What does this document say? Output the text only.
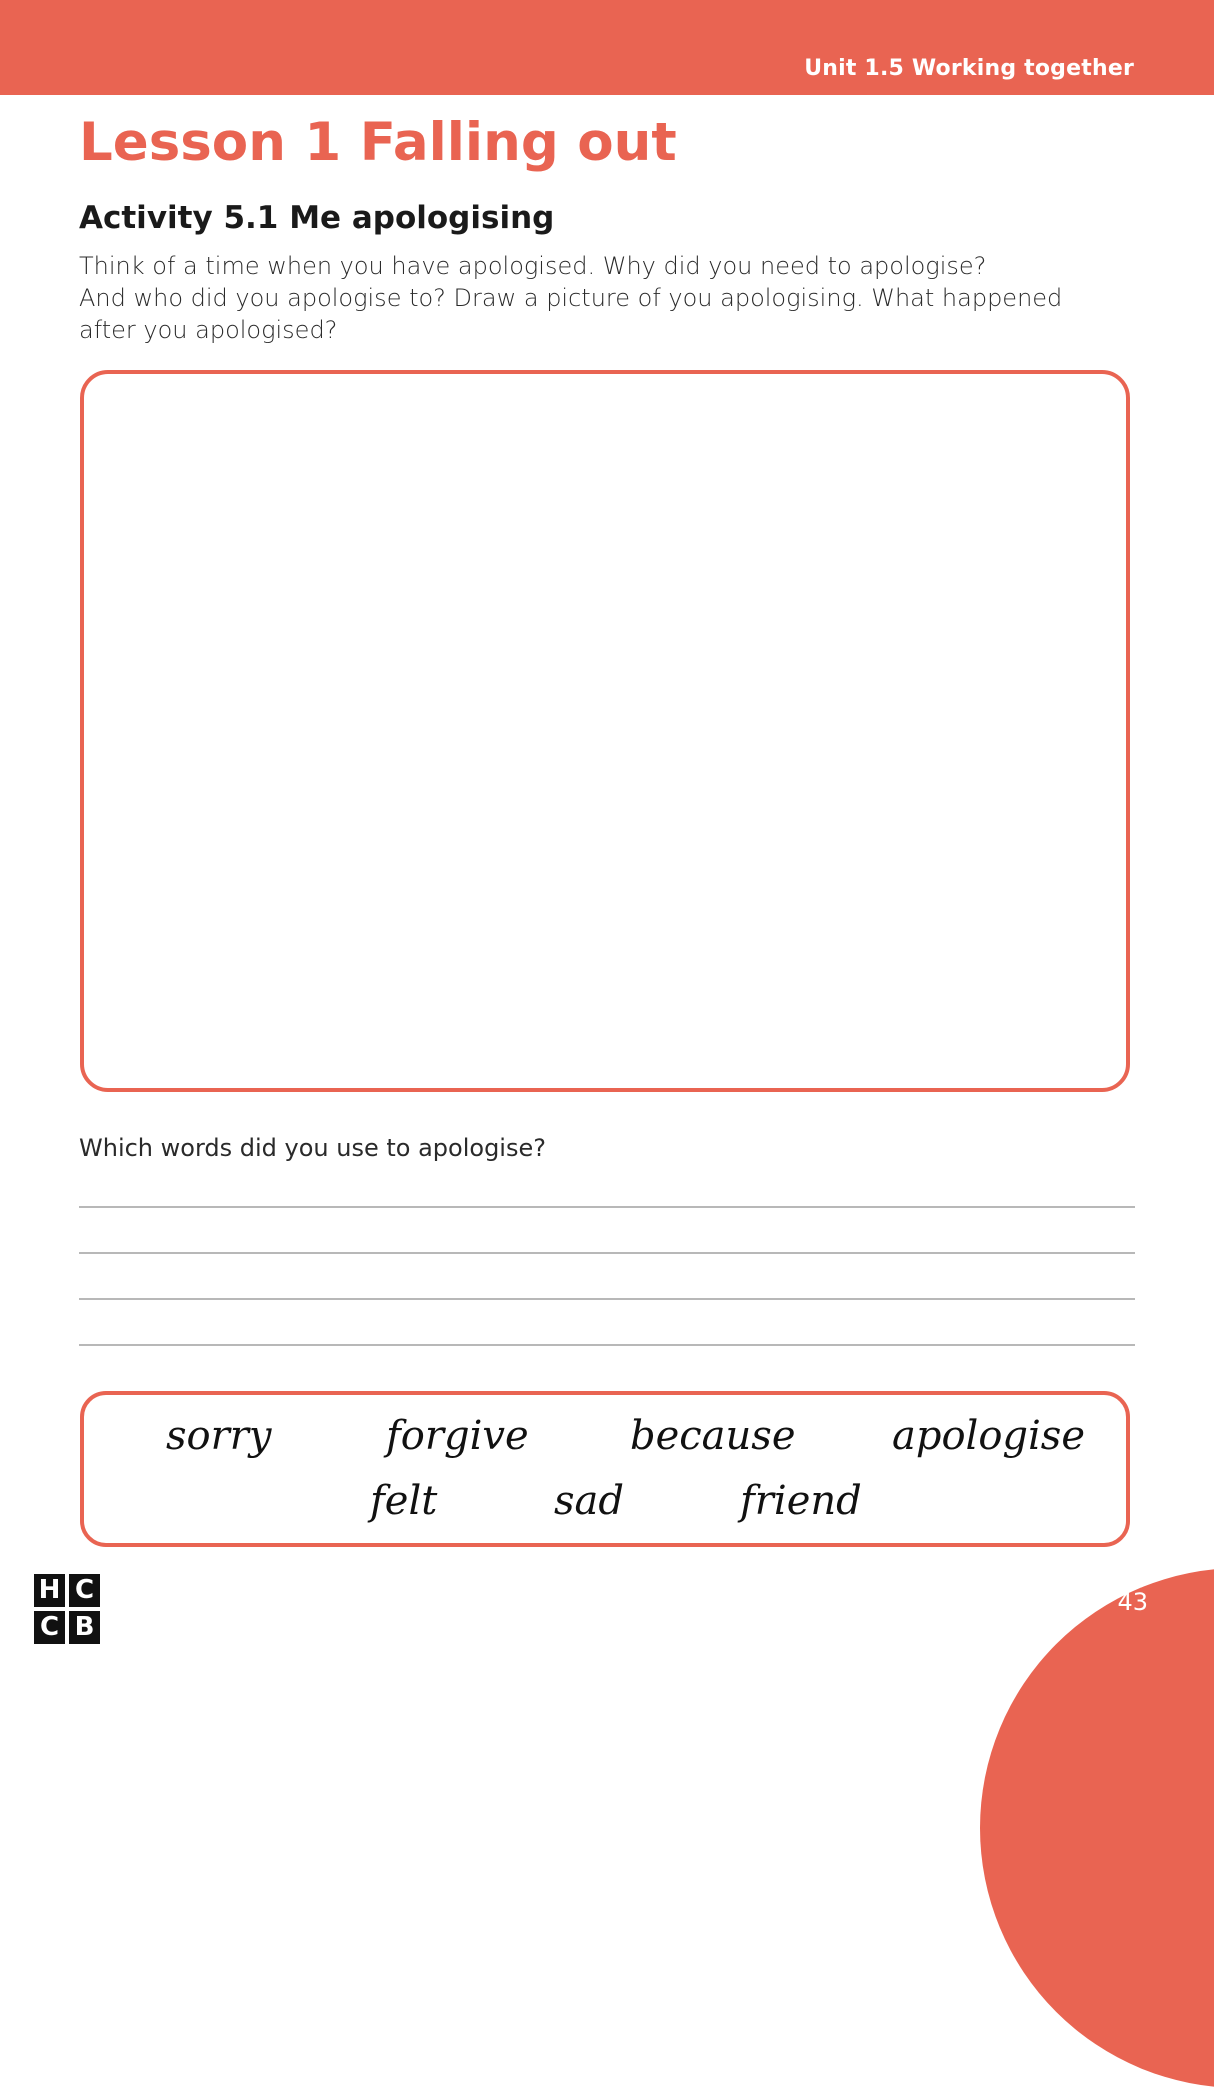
Unit 1.5 Working together
Lesson 1 Falling out
Activity 5.1 Me apologising
Think of a time when you have apologised. Why did you need to apologise?
And who did you apologise to? Draw a picture of you apologising. What happened
after you apologised?
Which words did you use to apologise?
sorry	forgive	because apologise
felt	sad	friend
H C
C B
43
